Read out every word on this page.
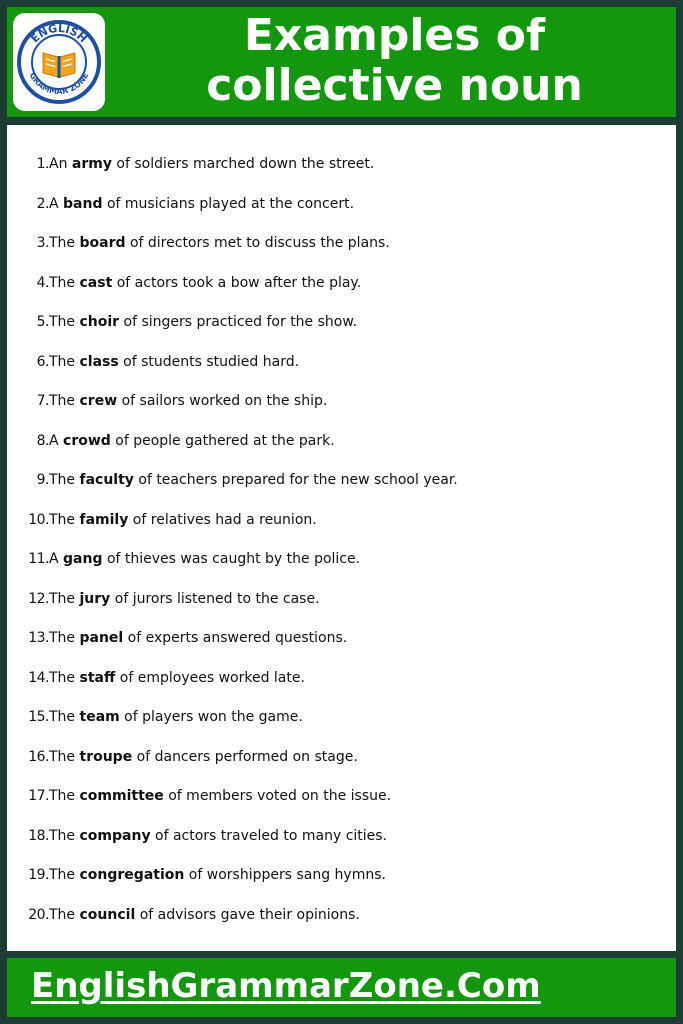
ENGLISH
GRAMMAR ZONE
Examples of
collective noun
1.An army of soldiers marched down the street.
2.A band of musicians played at the concert.
3.The board of directors met to discuss the plans.
4.The cast of actors took a bow after the play.
5.The choir of singers practiced for the show.
6.The class of students studied hard.
7.The crew of sailors worked on the ship.
8.A crowd of people gathered at the park.
9.The faculty of teachers prepared for the new school year.
10.The family of relatives had a reunion.
11.A gang of thieves was caught by the police.
12.The jury of jurors listened to the case.
13.The panel of experts answered questions.
14.The staff of employees worked late.
15.The team of players won the game.
16.The troupe of dancers performed on stage.
17.The committee of members voted on the issue.
18.The company of actors traveled to many cities.
19.The congregation of worshippers sang hymns.
20.The council of advisors gave their opinions.
EnglishGrammarZone.Com
